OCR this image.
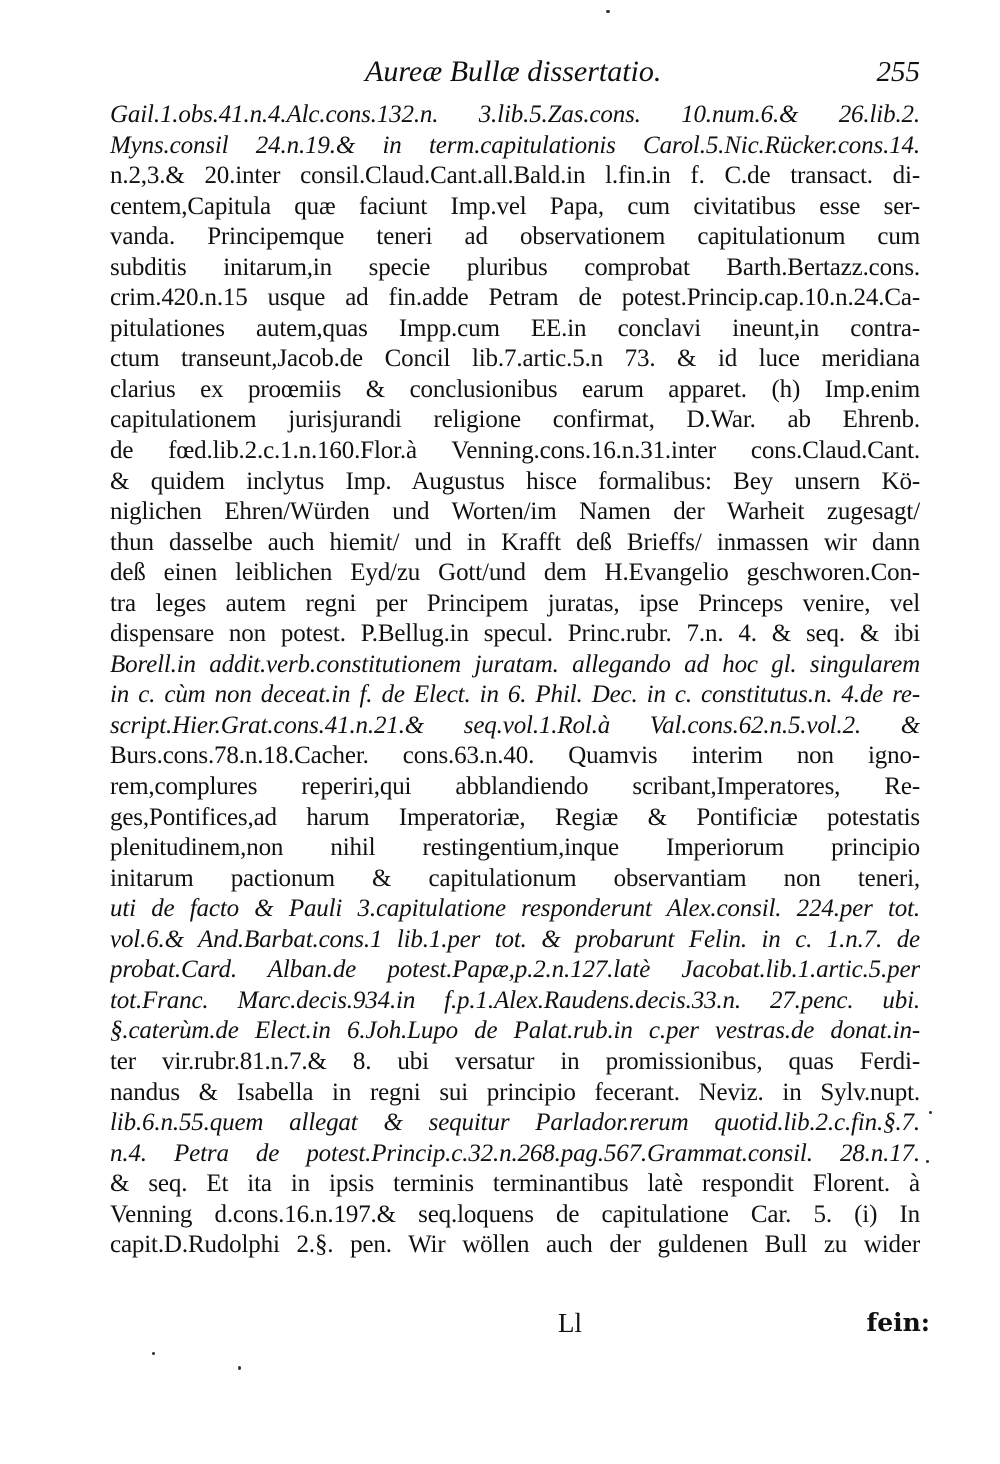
Aureæ Bullæ dissertatio.	255
Gail.1.obs.41.n.4.Alc.cons.132.n. 3.lib.5.Zas.cons. 10.num.6.& 26.lib.2.
Myns.consil 24.n.19.& in term.capitulationis Carol.5.Nic.Rücker.cons.14.
n.2,3.& 20.inter consil.Claud.Cant.all.Bald.in l.fin.in f. C.de transact. di-
centem,Capitula quæ faciunt Imp.vel Papa, cum civitatibus esse ser-
vanda. Principemque teneri ad observationem capitulationum cum
subditis initarum,in specie pluribus comprobat Barth.Bertazz.cons.
crim.420.n.15 usque ad fin.adde Petram de potest.Princip.cap.10.n.24.Ca-
pitulationes autem,quas Impp.cum EE.in conclavi ineunt,in contra-
ctum transeunt,Jacob.de Concil lib.7.artic.5.n 73. & id luce meridiana
clarius ex proœmiis & conclusionibus earum apparet. (h) Imp.enim
capitulationem jurisjurandi religione confirmat, D.War. ab Ehrenb.
de fœd.lib.2.c.1.n.160.Flor.à Venning.cons.16.n.31.inter cons.Claud.Cant.
& quidem inclytus Imp. Augustus hisce formalibus: Bey unsern Kö-
niglichen Ehren/Würden und Worten/im Namen der Warheit zugesagt/
thun dasselbe auch hiemit/ und in Krafft deß Brieffs/ inmassen wir dann
deß einen leiblichen Eyd/zu Gott/und dem H.Evangelio geschworen.Con-
tra leges autem regni per Principem juratas, ipse Princeps venire, vel
dispensare non potest. P.Bellug.in specul. Princ.rubr. 7.n. 4. & seq. & ibi
Borell.in addit.verb.constitutionem juratam. allegando ad hoc gl. singularem
in c. cùm non deceat.in f. de Elect. in 6. Phil. Dec. in c. constitutus.n. 4.de re-
script.Hier.Grat.cons.41.n.21.& seq.vol.1.Rol.à Val.cons.62.n.5.vol.2. &
Burs.cons.78.n.18.Cacher. cons.63.n.40. Quamvis interim non igno-
rem,complures reperiri,qui abblandiendo scribant,Imperatores, Re-
ges,Pontifices,ad harum Imperatoriæ, Regiæ & Pontificiæ potestatis
plenitudinem,non nihil restingentium,inque Imperiorum principio
initarum pactionum & capitulationum observantiam non teneri,
uti de facto & Pauli 3.capitulatione responderunt Alex.consil. 224.per tot.
vol.6.& And.Barbat.cons.1 lib.1.per tot. & probarunt Felin. in c. 1.n.7. de
probat.Card. Alban.de potest.Papæ,p.2.n.127.latè Jacobat.lib.1.artic.5.per
tot.Franc. Marc.decis.934.in f.p.1.Alex.Raudens.decis.33.n. 27.penc. ubi.
§.caterùm.de Elect.in 6.Joh.Lupo de Palat.rub.in c.per vestras.de donat.in-
ter vir.rubr.81.n.7.& 8. ubi versatur in promissionibus, quas Ferdi-
nandus & Isabella in regni sui principio fecerant. Neviz. in Sylv.nupt.
lib.6.n.55.quem allegat & sequitur Parlador.rerum quotid.lib.2.c.fin.§.7.
n.4. Petra de potest.Princip.c.32.n.268.pag.567.Grammat.consil. 28.n.17.
& seq. Et ita in ipsis terminis terminantibus latè respondit Florent. à
Venning d.cons.16.n.197.& seq.loquens de capitulatione Car. 5. (i) In
capit.D.Rudolphi 2.§. pen. Wir wöllen auch der guldenen Bull zu wider
Ll	fein:
